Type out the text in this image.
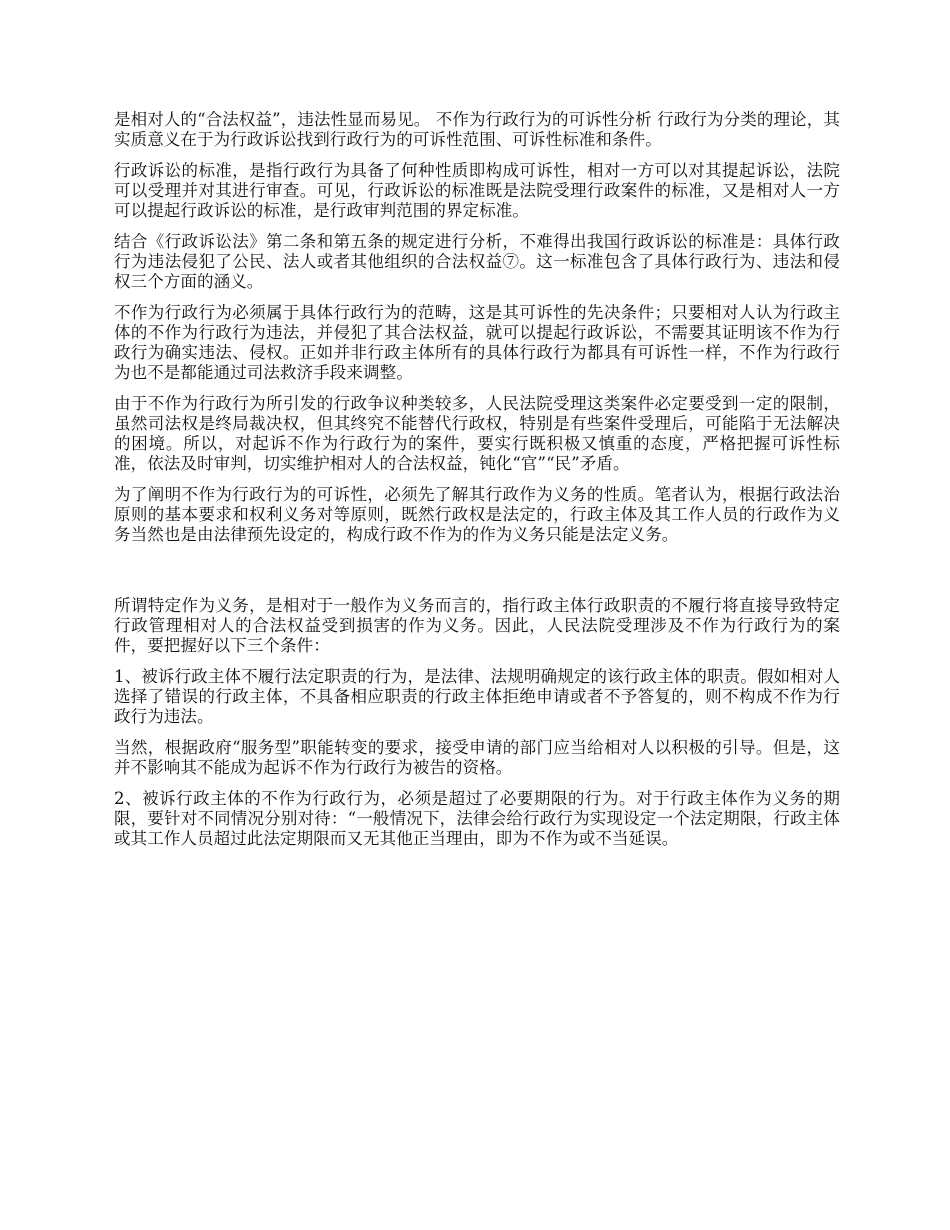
是相对人的“合法权益”，违法性显而易见。 不作为行政行为的可诉性分析 行政行为分类的理论，其实质意义在于为行政诉讼找到行政行为的可诉性范围、可诉性标准和条件。

行政诉讼的标准，是指行政行为具备了何种性质即构成可诉性，相对一方可以对其提起诉讼，法院可以受理并对其进行审查。可见，行政诉讼的标准既是法院受理行政案件的标准，又是相对人一方可以提起行政诉讼的标准，是行政审判范围的界定标准。

结合《行政诉讼法》第二条和第五条的规定进行分析，不难得出我国行政诉讼的标准是：具体行政行为违法侵犯了公民、法人或者其他组织的合法权益⑦。这一标准包含了具体行政行为、违法和侵权三个方面的涵义。

不作为行政行为必须属于具体行政行为的范畴，这是其可诉性的先决条件；只要相对人认为行政主体的不作为行政行为违法，并侵犯了其合法权益，就可以提起行政诉讼，不需要其证明该不作为行政行为确实违法、侵权。正如并非行政主体所有的具体行政行为都具有可诉性一样，不作为行政行为也不是都能通过司法救济手段来调整。

由于不作为行政行为所引发的行政争议种类较多，人民法院受理这类案件必定要受到一定的限制，虽然司法权是终局裁决权，但其终究不能替代行政权，特别是有些案件受理后，可能陷于无法解决的困境。所以，对起诉不作为行政行为的案件，要实行既积极又慎重的态度，严格把握可诉性标准，依法及时审判，切实维护相对人的合法权益，钝化“官”“民”矛盾。

为了阐明不作为行政行为的可诉性，必须先了解其行政作为义务的性质。笔者认为，根据行政法治原则的基本要求和权利义务对等原则，既然行政权是法定的，行政主体及其工作人员的行政作为义务当然也是由法律预先设定的，构成行政不作为的作为义务只能是法定义务。

所谓特定作为义务，是相对于一般作为义务而言的，指行政主体行政职责的不履行将直接导致特定行政管理相对人的合法权益受到损害的作为义务。因此，人民法院受理涉及不作为行政行为的案件，要把握好以下三个条件：

1、被诉行政主体不履行法定职责的行为，是法律、法规明确规定的该行政主体的职责。假如相对人选择了错误的行政主体，不具备相应职责的行政主体拒绝申请或者不予答复的，则不构成不作为行政行为违法。

当然，根据政府“服务型”职能转变的要求，接受申请的部门应当给相对人以积极的引导。但是，这并不影响其不能成为起诉不作为行政行为被告的资格。

2、被诉行政主体的不作为行政行为，必须是超过了必要期限的行为。对于行政主体作为义务的期限，要针对不同情况分别对待：“一般情况下，法律会给行政行为实现设定一个法定期限，行政主体或其工作人员超过此法定期限而又无其他正当理由，即为不作为或不当延误。
